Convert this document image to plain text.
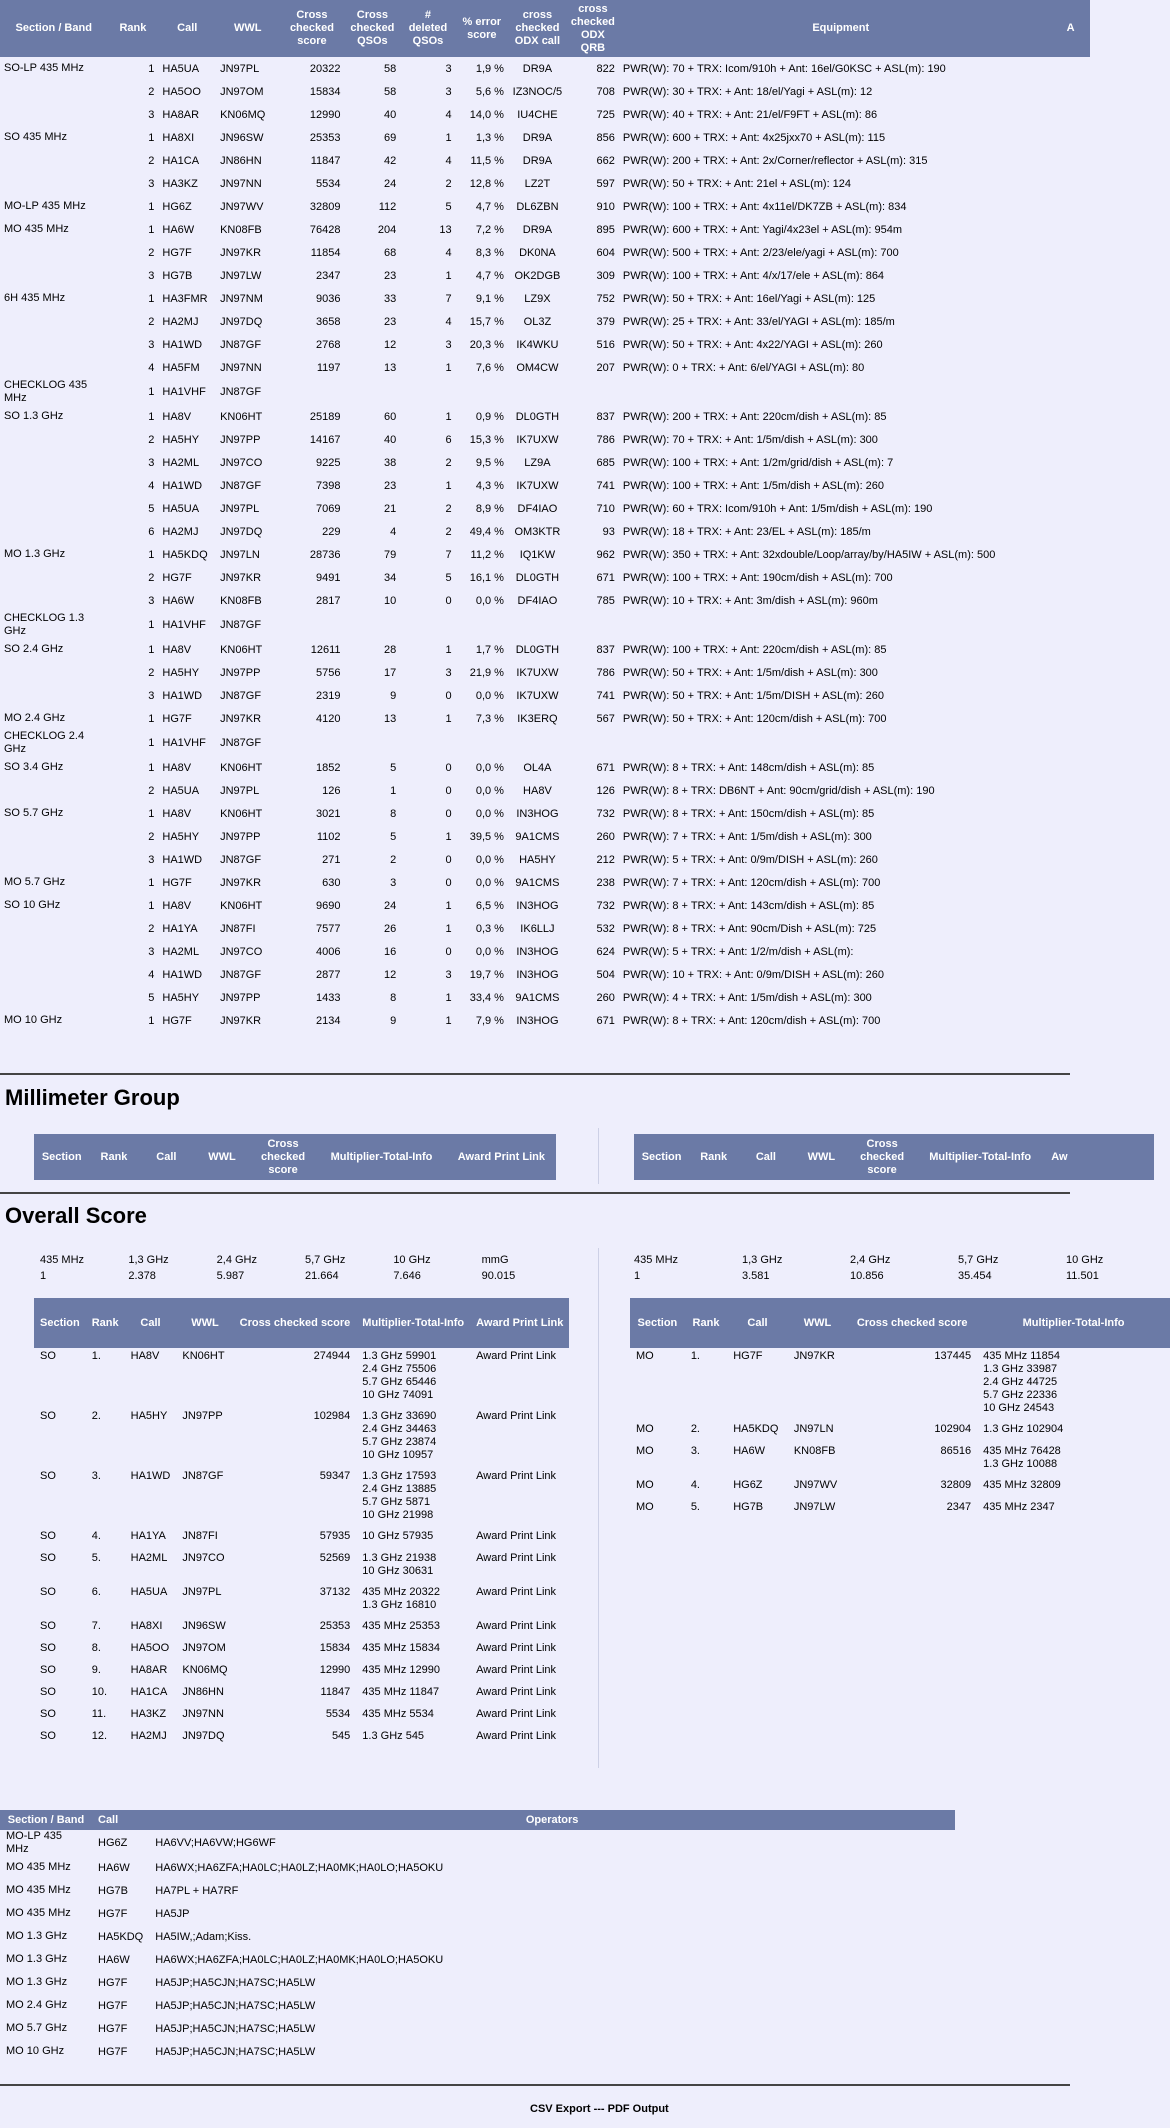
Section / Band	Rank	Call	WWL	Cross checked score	Cross checked QSOs	# deleted QSOs	% error score	cross checked ODX call	cross checked ODX QRB	Equipment	A
SO-LP 435 MHz	1	HA5UA	JN97PL	20322	58	3	1,9 %	DR9A	822	PWR(W): 70 + TRX: Icom/910h + Ant: 16el/G0KSC + ASL(m): 190	
	2	HA5OO	JN97OM	15834	58	3	5,6 %	IZ3NOC/5	708	PWR(W): 30 + TRX: + Ant: 18/el/Yagi + ASL(m): 12	
	3	HA8AR	KN06MQ	12990	40	4	14,0 %	IU4CHE	725	PWR(W): 40 + TRX: + Ant: 21/el/F9FT + ASL(m): 86	
SO 435 MHz	1	HA8XI	JN96SW	25353	69	1	1,3 %	DR9A	856	PWR(W): 600 + TRX: + Ant: 4x25jxx70 + ASL(m): 115	
	2	HA1CA	JN86HN	11847	42	4	11,5 %	DR9A	662	PWR(W): 200 + TRX: + Ant: 2x/Corner/reflector + ASL(m): 315	
	3	HA3KZ	JN97NN	5534	24	2	12,8 %	LZ2T	597	PWR(W): 50 + TRX: + Ant: 21el + ASL(m): 124	
MO-LP 435 MHz	1	HG6Z	JN97WV	32809	112	5	4,7 %	DL6ZBN	910	PWR(W): 100 + TRX: + Ant: 4x11el/DK7ZB + ASL(m): 834	
MO 435 MHz	1	HA6W	KN08FB	76428	204	13	7,2 %	DR9A	895	PWR(W): 600 + TRX: + Ant: Yagi/4x23el + ASL(m): 954m	
	2	HG7F	JN97KR	11854	68	4	8,3 %	DK0NA	604	PWR(W): 500 + TRX: + Ant: 2/23/ele/yagi + ASL(m): 700	
	3	HG7B	JN97LW	2347	23	1	4,7 %	OK2DGB	309	PWR(W): 100 + TRX: + Ant: 4/x/17/ele + ASL(m): 864	
6H 435 MHz	1	HA3FMR	JN97NM	9036	33	7	9,1 %	LZ9X	752	PWR(W): 50 + TRX: + Ant: 16el/Yagi + ASL(m): 125	
	2	HA2MJ	JN97DQ	3658	23	4	15,7 %	OL3Z	379	PWR(W): 25 + TRX: + Ant: 33/el/YAGI + ASL(m): 185/m	
	3	HA1WD	JN87GF	2768	12	3	20,3 %	IK4WKU	516	PWR(W): 50 + TRX: + Ant: 4x22/YAGI + ASL(m): 260	
	4	HA5FM	JN97NN	1197	13	1	7,6 %	OM4CW	207	PWR(W): 0 + TRX: + Ant: 6/el/YAGI + ASL(m): 80	
CHECKLOG 435 MHz	1	HA1VHF	JN87GF								
SO 1.3 GHz	1	HA8V	KN06HT	25189	60	1	0,9 %	DL0GTH	837	PWR(W): 200 + TRX: + Ant: 220cm/dish + ASL(m): 85	
	2	HA5HY	JN97PP	14167	40	6	15,3 %	IK7UXW	786	PWR(W): 70 + TRX: + Ant: 1/5m/dish + ASL(m): 300	
	3	HA2ML	JN97CO	9225	38	2	9,5 %	LZ9A	685	PWR(W): 100 + TRX: + Ant: 1/2m/grid/dish + ASL(m): 7	
	4	HA1WD	JN87GF	7398	23	1	4,3 %	IK7UXW	741	PWR(W): 100 + TRX: + Ant: 1/5m/dish + ASL(m): 260	
	5	HA5UA	JN97PL	7069	21	2	8,9 %	DF4IAO	710	PWR(W): 60 + TRX: Icom/910h + Ant: 1/5m/dish + ASL(m): 190	
	6	HA2MJ	JN97DQ	229	4	2	49,4 %	OM3KTR	93	PWR(W): 18 + TRX: + Ant: 23/EL + ASL(m): 185/m	
MO 1.3 GHz	1	HA5KDQ	JN97LN	28736	79	7	11,2 %	IQ1KW	962	PWR(W): 350 + TRX: + Ant: 32xdouble/Loop/array/by/HA5IW + ASL(m): 500	
	2	HG7F	JN97KR	9491	34	5	16,1 %	DL0GTH	671	PWR(W): 100 + TRX: + Ant: 190cm/dish + ASL(m): 700	
	3	HA6W	KN08FB	2817	10	0	0,0 %	DF4IAO	785	PWR(W): 10 + TRX: + Ant: 3m/dish + ASL(m): 960m	
CHECKLOG 1.3 GHz	1	HA1VHF	JN87GF								
SO 2.4 GHz	1	HA8V	KN06HT	12611	28	1	1,7 %	DL0GTH	837	PWR(W): 100 + TRX: + Ant: 220cm/dish + ASL(m): 85	
	2	HA5HY	JN97PP	5756	17	3	21,9 %	IK7UXW	786	PWR(W): 50 + TRX: + Ant: 1/5m/dish + ASL(m): 300	
	3	HA1WD	JN87GF	2319	9	0	0,0 %	IK7UXW	741	PWR(W): 50 + TRX: + Ant: 1/5m/DISH + ASL(m): 260	
MO 2.4 GHz	1	HG7F	JN97KR	4120	13	1	7,3 %	IK3ERQ	567	PWR(W): 50 + TRX: + Ant: 120cm/dish + ASL(m): 700	
CHECKLOG 2.4 GHz	1	HA1VHF	JN87GF								
SO 3.4 GHz	1	HA8V	KN06HT	1852	5	0	0,0 %	OL4A	671	PWR(W): 8 + TRX: + Ant: 148cm/dish + ASL(m): 85	
	2	HA5UA	JN97PL	126	1	0	0,0 %	HA8V	126	PWR(W): 8 + TRX: DB6NT + Ant: 90cm/grid/dish + ASL(m): 190	
SO 5.7 GHz	1	HA8V	KN06HT	3021	8	0	0,0 %	IN3HOG	732	PWR(W): 8 + TRX: + Ant: 150cm/dish + ASL(m): 85	
	2	HA5HY	JN97PP	1102	5	1	39,5 %	9A1CMS	260	PWR(W): 7 + TRX: + Ant: 1/5m/dish + ASL(m): 300	
	3	HA1WD	JN87GF	271	2	0	0,0 %	HA5HY	212	PWR(W): 5 + TRX: + Ant: 0/9m/DISH + ASL(m): 260	
MO 5.7 GHz	1	HG7F	JN97KR	630	3	0	0,0 %	9A1CMS	238	PWR(W): 7 + TRX: + Ant: 120cm/dish + ASL(m): 700	
SO 10 GHz	1	HA8V	KN06HT	9690	24	1	6,5 %	IN3HOG	732	PWR(W): 8 + TRX: + Ant: 143cm/dish + ASL(m): 85	
	2	HA1YA	JN87FI	7577	26	1	0,3 %	IK6LLJ	532	PWR(W): 8 + TRX: + Ant: 90cm/Dish + ASL(m): 725	
	3	HA2ML	JN97CO	4006	16	0	0,0 %	IN3HOG	624	PWR(W): 5 + TRX: + Ant: 1/2/m/dish + ASL(m):	
	4	HA1WD	JN87GF	2877	12	3	19,7 %	IN3HOG	504	PWR(W): 10 + TRX: + Ant: 0/9m/DISH + ASL(m): 260	
	5	HA5HY	JN97PP	1433	8	1	33,4 %	9A1CMS	260	PWR(W): 4 + TRX: + Ant: 1/5m/dish + ASL(m): 300	
MO 10 GHz	1	HG7F	JN97KR	2134	9	1	7,9 %	IN3HOG	671	PWR(W): 8 + TRX: + Ant: 120cm/dish + ASL(m): 700	
Millimeter Group
Section	Rank	Call	WWL	Cross checked score	Multiplier-Total-Info	Award Print Link	Section	Rank	Call	WWL	Cross checked score	Multiplier-Total-Info	Aw
Overall Score
435 MHz	1,3 GHz	2,4 GHz	5,7 GHz	10 GHz	mmG
1	2.378	5.987	21.664	7.646	90.015
Section	Rank	Call	WWL	Cross checked score	Multiplier-Total-Info	Award Print Link
SO	1.	HA8V	KN06HT	274944	1.3 GHz 59901
2.4 GHz 75506
5.7 GHz 65446
10 GHz 74091	Award Print Link
SO	2.	HA5HY	JN97PP	102984	1.3 GHz 33690
2.4 GHz 34463
5.7 GHz 23874
10 GHz 10957	Award Print Link
SO	3.	HA1WD	JN87GF	59347	1.3 GHz 17593
2.4 GHz 13885
5.7 GHz 5871
10 GHz 21998	Award Print Link
SO	4.	HA1YA	JN87FI	57935	10 GHz 57935	Award Print Link
SO	5.	HA2ML	JN97CO	52569	1.3 GHz 21938
10 GHz 30631	Award Print Link
SO	6.	HA5UA	JN97PL	37132	435 MHz 20322
1.3 GHz 16810	Award Print Link
SO	7.	HA8XI	JN96SW	25353	435 MHz 25353	Award Print Link
SO	8.	HA5OO	JN97OM	15834	435 MHz 15834	Award Print Link
SO	9.	HA8AR	KN06MQ	12990	435 MHz 12990	Award Print Link
SO	10.	HA1CA	JN86HN	11847	435 MHz 11847	Award Print Link
SO	11.	HA3KZ	JN97NN	5534	435 MHz 5534	Award Print Link
SO	12.	HA2MJ	JN97DQ	545	1.3 GHz 545	Award Print Link
435 MHz	1,3 GHz	2,4 GHz	5,7 GHz	10 GHz
1	3.581	10.856	35.454	11.501
Section	Rank	Call	WWL	Cross checked score	Multiplier-Total-Info
MO	1.	HG7F	JN97KR	137445	435 MHz 11854
1.3 GHz 33987
2.4 GHz 44725
5.7 GHz 22336
10 GHz 24543

MO	2.	HA5KDQ	JN97LN	102904	1.3 GHz 102904

MO	3.	HA6W	KN08FB	86516	435 MHz 76428
1.3 GHz 10088

MO	4.	HG6Z	JN97WV	32809	435 MHz 32809

MO	5.	HG7B	JN97LW	2347	435 MHz 2347
Section / Band	Call	Operators
MO-LP 435 MHz	HG6Z	HA6VV;HA6VW;HG6WF
MO 435 MHz	HA6W	HA6WX;HA6ZFA;HA0LC;HA0LZ;HA0MK;HA0LO;HA5OKU
MO 435 MHz	HG7B	HA7PL + HA7RF
MO 435 MHz	HG7F	HA5JP
MO 1.3 GHz	HA5KDQ	HA5IW,;Adam;Kiss.
MO 1.3 GHz	HA6W	HA6WX;HA6ZFA;HA0LC;HA0LZ;HA0MK;HA0LO;HA5OKU
MO 1.3 GHz	HG7F	HA5JP;HA5CJN;HA7SC;HA5LW
MO 2.4 GHz	HG7F	HA5JP;HA5CJN;HA7SC;HA5LW
MO 5.7 GHz	HG7F	HA5JP;HA5CJN;HA7SC;HA5LW
MO 10 GHz	HG7F	HA5JP;HA5CJN;HA7SC;HA5LW
CSV Export --- PDF Output
